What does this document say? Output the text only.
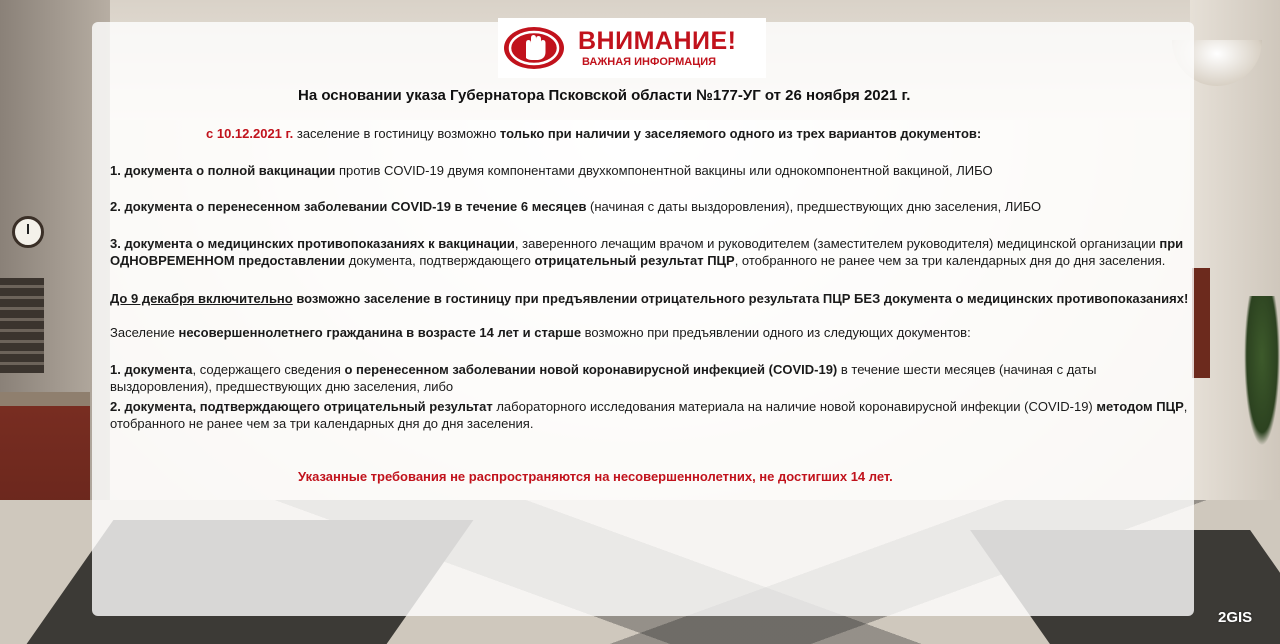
ВНИМАНИЕ!
ВАЖНАЯ ИНФОРМАЦИЯ
На основании указа Губернатора Псковской области №177-УГ от 26 ноября 2021 г.
с 10.12.2021 г. заселение в гостиницу возможно только при наличии у заселяемого одного из трех вариантов документов:
1. документа о полной вакцинации против COVID-19 двумя компонентами двухкомпонентной вакцины или однокомпонентной вакциной, ЛИБО
2. документа о перенесенном заболевании COVID-19 в течение 6 месяцев (начиная с даты выздоровления), предшествующих дню заселения, ЛИБО
3. документа о медицинских противопоказаниях к вакцинации, заверенного лечащим врачом и руководителем (заместителем руководителя) медицинской организации при
ОДНОВРЕМЕННОМ предоставлении документа, подтверждающего отрицательный результат ПЦР, отобранного не ранее чем за три календарных дня до дня заселения.
До 9 декабря включительно возможно заселение в гостиницу при предъявлении отрицательного результата ПЦР БЕЗ документа о медицинских противопоказаниях!
Заселение несовершеннолетнего гражданина в возрасте 14 лет и старше возможно при предъявлении одного из следующих документов:
1. документа, содержащего сведения о перенесенном заболевании новой коронавирусной инфекцией (COVID-19) в течение шести месяцев (начиная с даты
выздоровления), предшествующих дню заселения, либо
2. документа, подтверждающего отрицательный результат лабораторного исследования материала на наличие новой коронавирусной инфекции (COVID-19) методом ПЦР,
отобранного не ранее чем за три календарных дня до дня заселения.
Указанные требования не распространяются на несовершеннолетних, не достигших 14 лет.
2GIS
